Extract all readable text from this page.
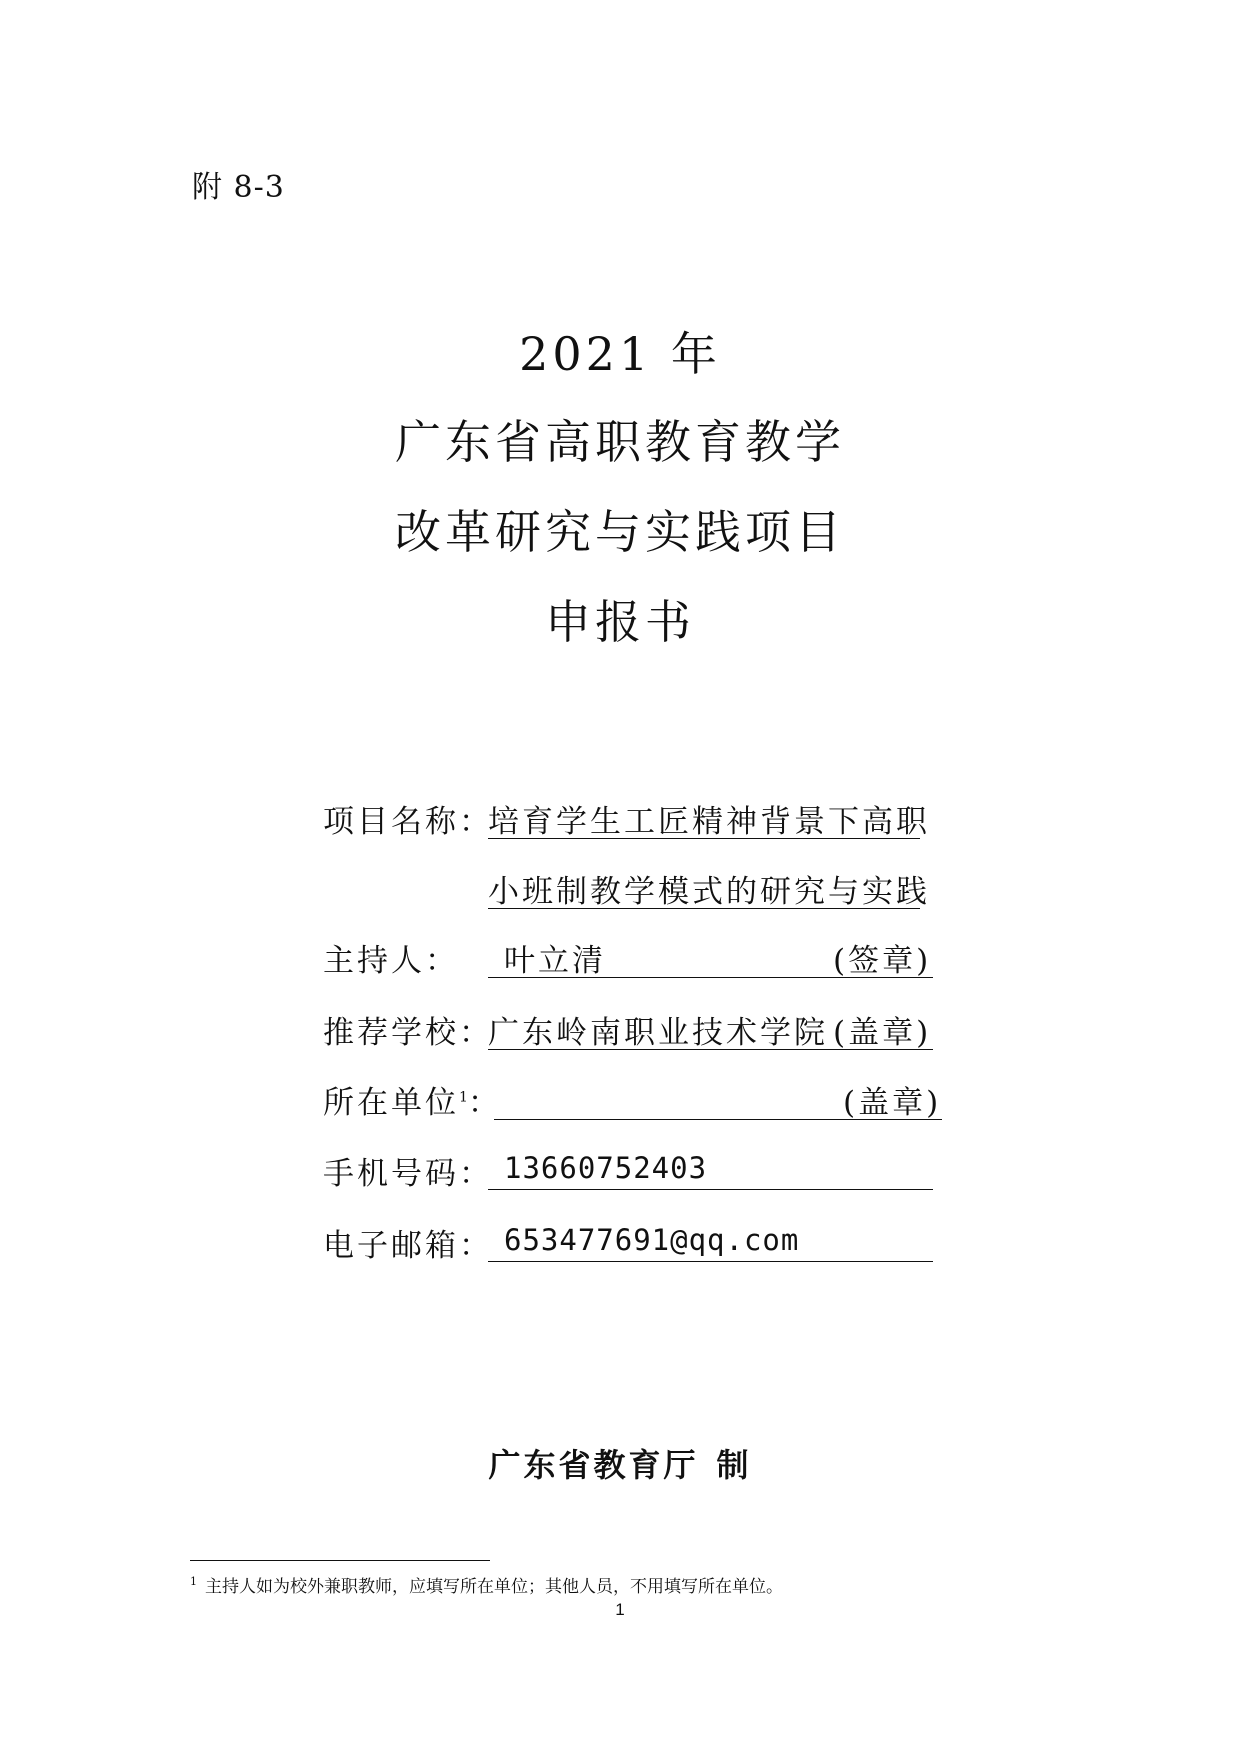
附 8-3
2021 年
广东省高职教育教学
改革研究与实践项目
申报书
项目名称：
培育学生工匠精神背景下高职
小班制教学模式的研究与实践
主持人： 叶立清	(签章)
推荐学校：
广东岭南职业技术学院 (盖章)
所在单位$^1$：	(盖章)
手机号码： 13660752403
电子邮箱： 653477691@qq.com
广东省教育厅 制
$^1$ 主持人如为校外兼职教师，应填写所在单位；其他人员，不用填写所在单位。
1
